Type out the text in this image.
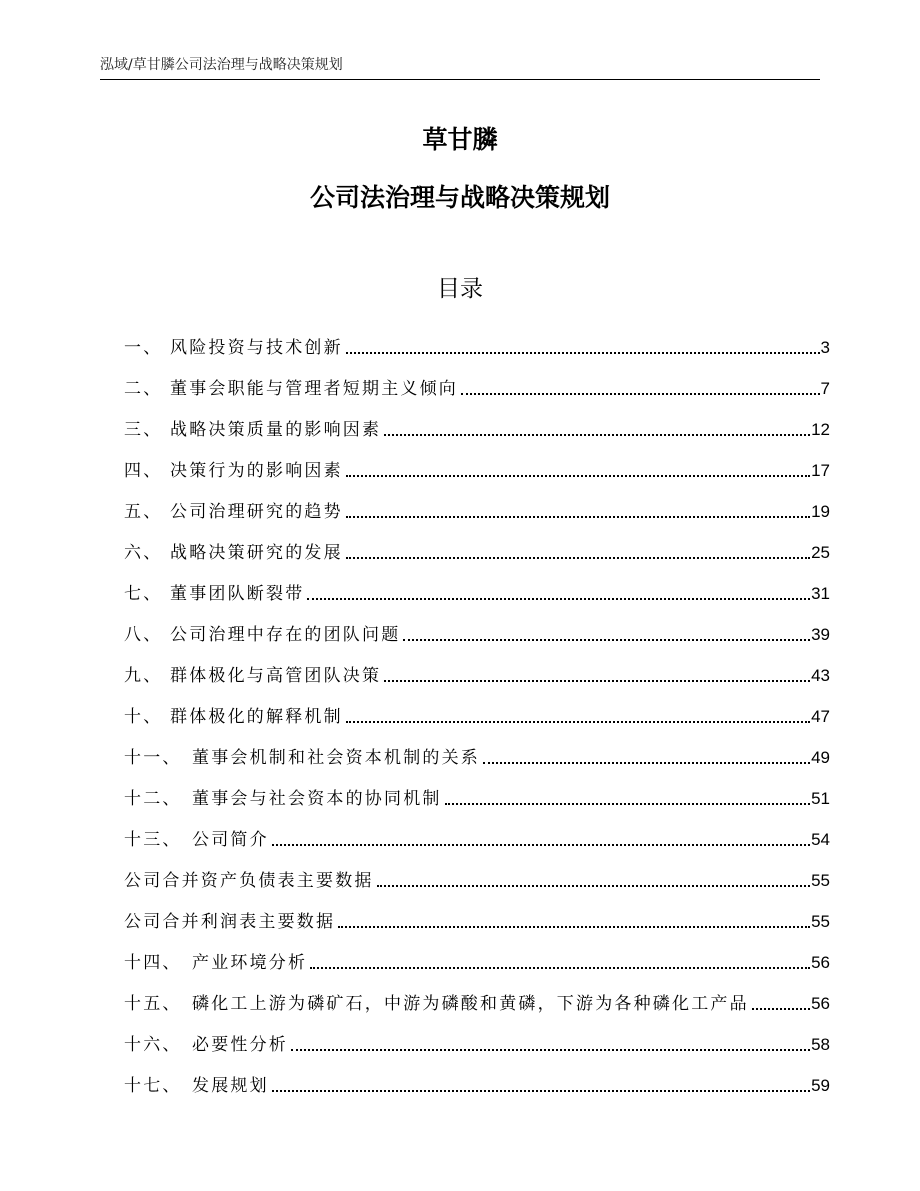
泓域/草甘膦公司法治理与战略决策规划
草甘膦
公司法治理与战略决策规划
目录
一、 风险投资与技术创新	3
二、 董事会职能与管理者短期主义倾向	7
三、 战略决策质量的影响因素	12
四、 决策行为的影响因素	17
五、 公司治理研究的趋势	19
六、 战略决策研究的发展	25
七、 董事团队断裂带	31
八、 公司治理中存在的团队问题	39
九、 群体极化与高管团队决策	43
十、 群体极化的解释机制	47
十一、 董事会机制和社会资本机制的关系	49
十二、 董事会与社会资本的协同机制	51
十三、 公司简介	54
公司合并资产负债表主要数据	55
公司合并利润表主要数据	55
十四、 产业环境分析	56
十五、 磷化工上游为磷矿石，中游为磷酸和黄磷，下游为各种磷化工产品	56
十六、 必要性分析	58
十七、 发展规划	59
